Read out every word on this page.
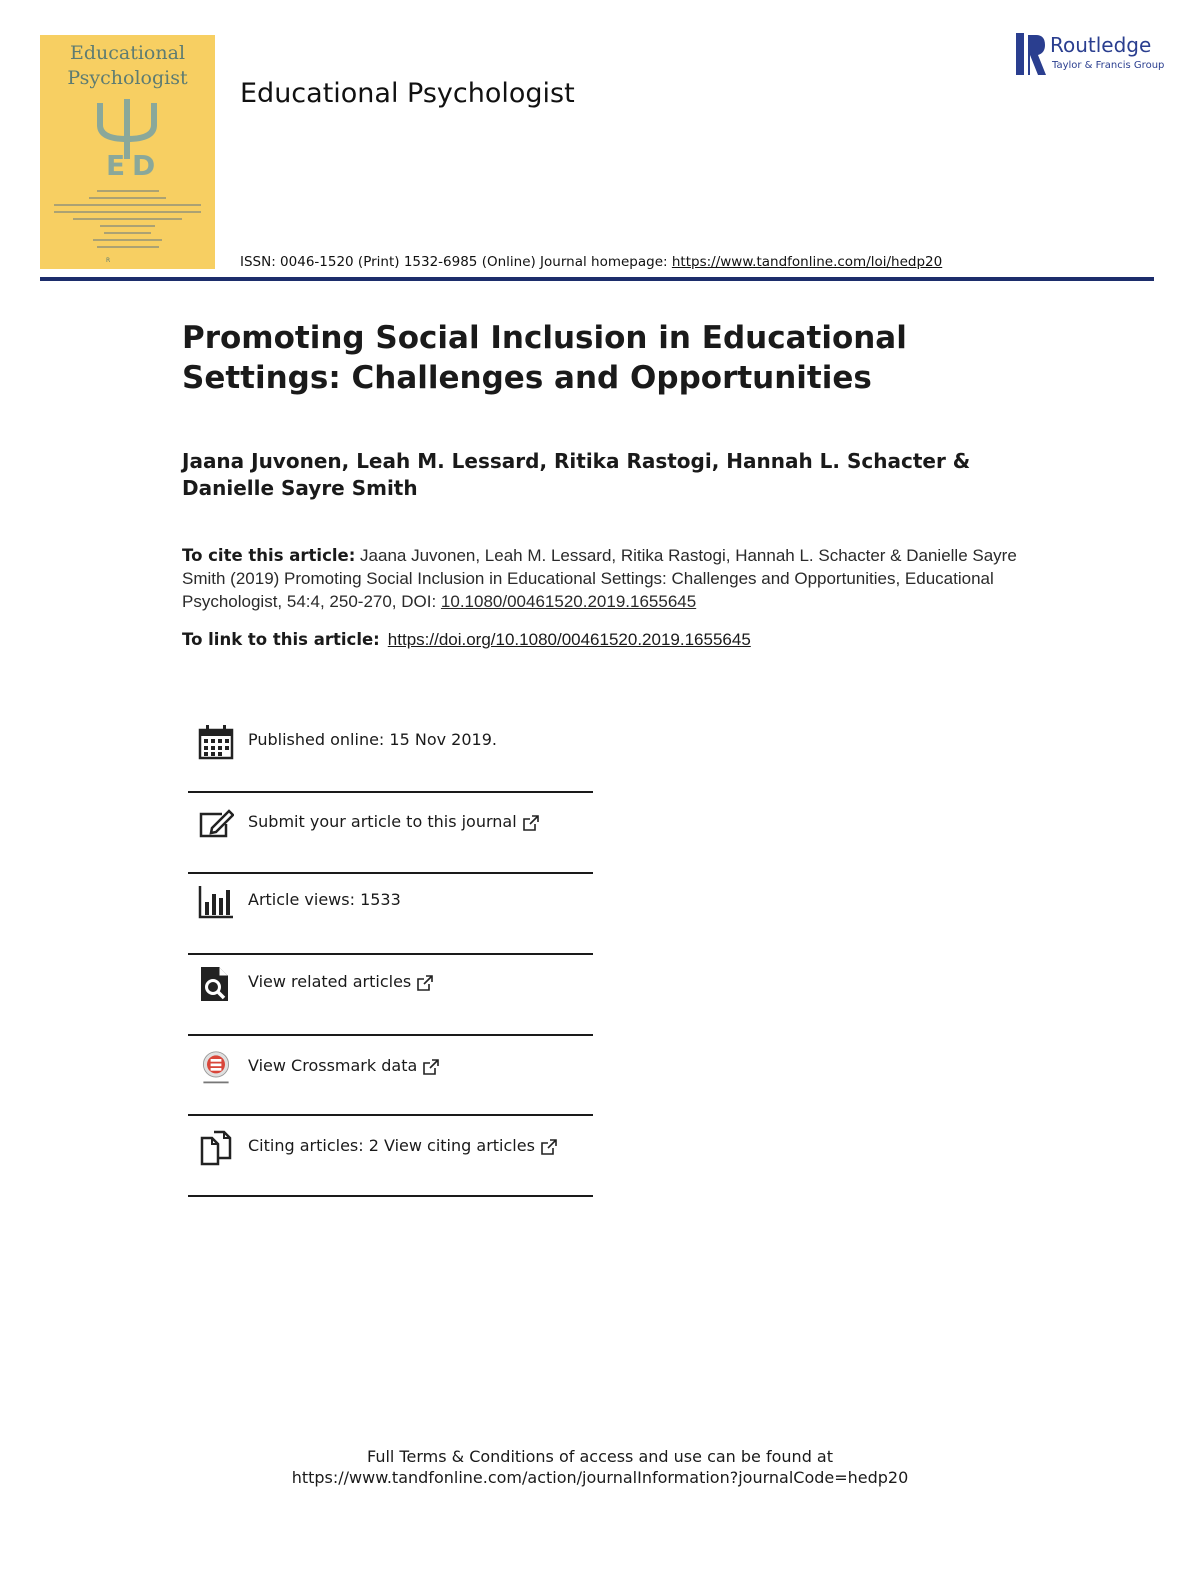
Educational
Psychologist
E D
R
Educational Psychologist
Routledge
Taylor & Francis Group
ISSN: 0046-1520 (Print) 1532-6985 (Online) Journal homepage: https://www.tandfonline.com/loi/hedp20
Promoting Social Inclusion in Educational Settings: Challenges and Opportunities
Jaana Juvonen, Leah M. Lessard, Ritika Rastogi, Hannah L. Schacter & Danielle Sayre Smith
To cite this article: Jaana Juvonen, Leah M. Lessard, Ritika Rastogi, Hannah L. Schacter & Danielle Sayre Smith (2019) Promoting Social Inclusion in Educational Settings: Challenges and Opportunities, Educational Psychologist, 54:4, 250-270, DOI: 10.1080/00461520.2019.1655645
To link to this article: https://doi.org/10.1080/00461520.2019.1655645
Published online: 15 Nov 2019.
Submit your article to this journal
Article views: 1533
View related articles
View Crossmark data
Citing articles: 2 View citing articles
Full Terms & Conditions of access and use can be found at
https://www.tandfonline.com/action/journalInformation?journalCode=hedp20
